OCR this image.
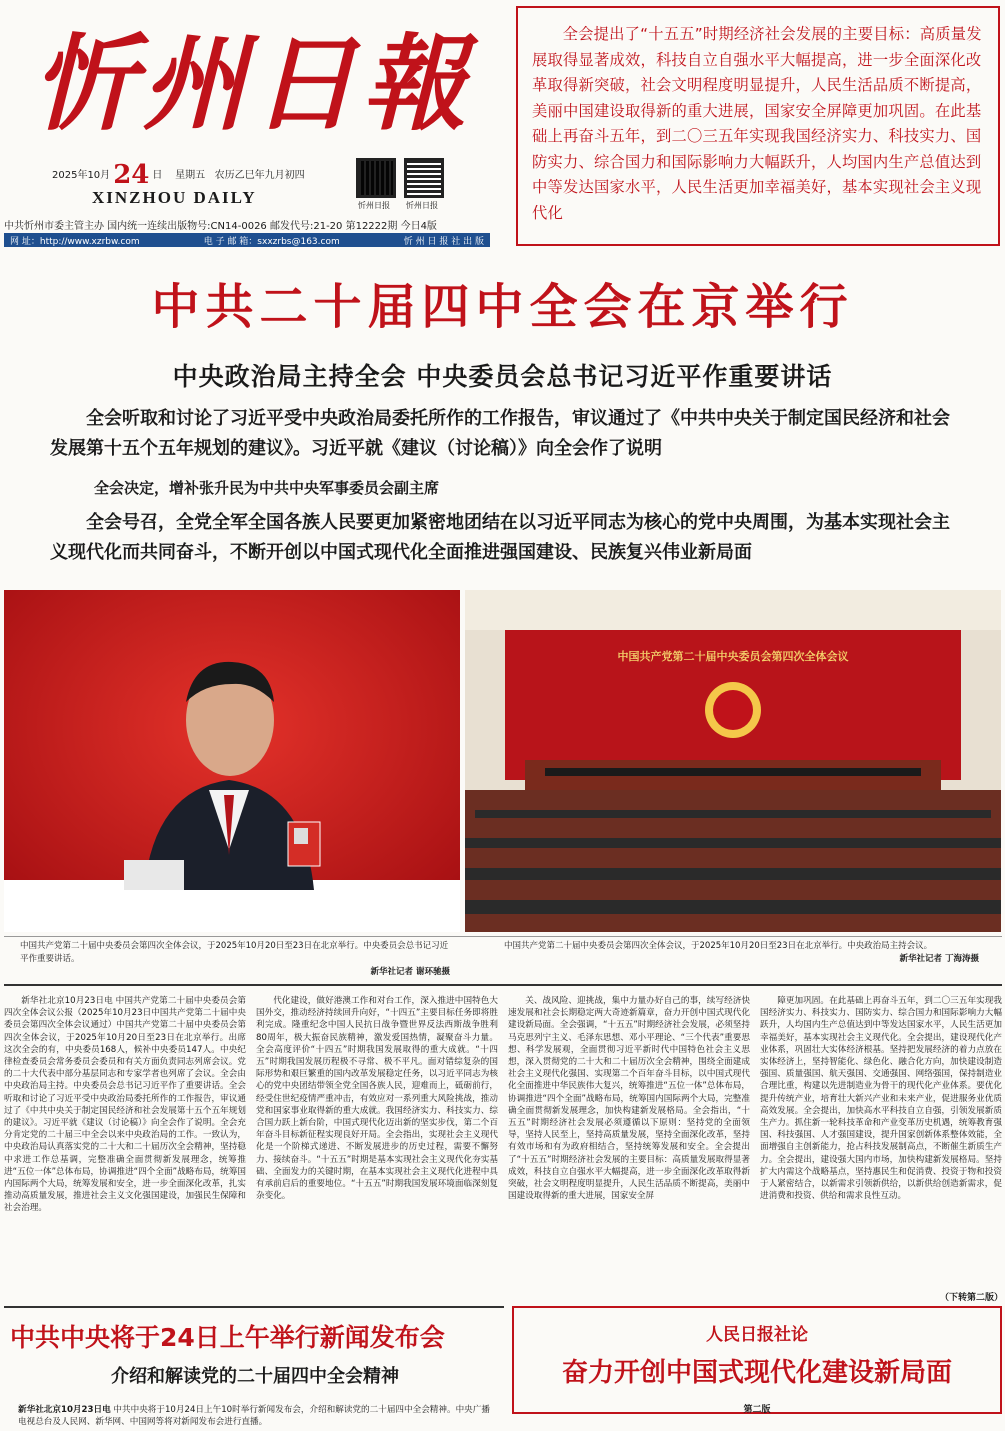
忻州日報
2025年10月 24 日 星期五 农历乙巳年九月初四
XINZHOU DAILY	忻州日报 忻州日报
中共忻州市委主管主办 国内统一连续出版物号:CN14-0026 邮发代号:21-20 第12222期 今日4版
网 址：http://www.xzrbw.com	电 子 邮 箱：sxxzrbs@163.com	忻 州 日 报 社 出 版

全会提出了“十五五”时期经济社会发展的主要目标：高质量发展取得显著成效，科技自立自强水平大幅提高，进一步全面深化改革取得新突破，社会文明程度明显提升，人民生活品质不断提高，美丽中国建设取得新的重大进展，国家安全屏障更加巩固。在此基础上再奋斗五年，到二〇三五年实现我国经济实力、科技实力、国防实力、综合国力和国际影响力大幅跃升，人均国内生产总值达到中等发达国家水平，人民生活更加幸福美好，基本实现社会主义现代化

中共二十届四中全会在京举行
中央政治局主持全会 中央委员会总书记习近平作重要讲话
全会听取和讨论了习近平受中央政治局委托所作的工作报告，审议通过了《中共中央关于制定国民经济和社会发展第十五个五年规划的建议》。习近平就《建议（讨论稿）》向全会作了说明
全会决定，增补张升民为中共中央军事委员会副主席
全会号召，全党全军全国各族人民要更加紧密地团结在以习近平同志为核心的党中央周围，为基本实现社会主义现代化而共同奋斗，不断开创以中国式现代化全面推进强国建设、民族复兴伟业新局面
中国共产党第二十届中央委员会第四次全体会议
中国共产党第二十届中央委员会第四次全体会议，于2025年10月20日至23日在北京举行。中央委员会总书记习近平作重要讲话。
新华社记者 谢环驰摄
中国共产党第二十届中央委员会第四次全体会议，于2025年10月20日至23日在北京举行。中央政治局主持会议。
新华社记者 丁海涛摄

新华社北京10月23日电 中国共产党第二十届中央委员会第四次全体会议公报（2025年10月23日中国共产党第二十届中央委员会第四次全体会议通过）中国共产党第二十届中央委员会第四次全体会议，于2025年10月20日至23日在北京举行。出席这次全会的有，中央委员168人，候补中央委员147人。中央纪律检查委员会常务委员会委员和有关方面负责同志列席会议。党的二十大代表中部分基层同志和专家学者也列席了会议。全会由中央政治局主持。中央委员会总书记习近平作了重要讲话。全会听取和讨论了习近平受中央政治局委托所作的工作报告，审议通过了《中共中央关于制定国民经济和社会发展第十五个五年规划的建议》。习近平就《建议（讨论稿）》向全会作了说明。全会充分肯定党的二十届三中全会以来中央政治局的工作。一致认为，中央政治局认真落实党的二十大和二十届历次全会精神，坚持稳中求进工作总基调，完整准确全面贯彻新发展理念，统筹推进“五位一体”总体布局，协调推进“四个全面”战略布局，统筹国内国际两个大局，统筹发展和安全，进一步全面深化改革，扎实推动高质量发展，推进社会主义文化强国建设，加强民生保障和社会治理。

代化建设，做好港澳工作和对台工作，深入推进中国特色大国外交，推动经济持续回升向好，“十四五”主要目标任务即将胜利完成。隆重纪念中国人民抗日战争暨世界反法西斯战争胜利80周年，极大振奋民族精神，激发爱国热情，凝聚奋斗力量。全会高度评价“十四五”时期我国发展取得的重大成就。“十四五”时期我国发展历程极不寻常、极不平凡。面对错综复杂的国际形势和艰巨繁重的国内改革发展稳定任务，以习近平同志为核心的党中央团结带领全党全国各族人民，迎难而上，砥砺前行，经受住世纪疫情严重冲击，有效应对一系列重大风险挑战，推动党和国家事业取得新的重大成就。我国经济实力、科技实力、综合国力跃上新台阶，中国式现代化迈出新的坚实步伐，第二个百年奋斗目标新征程实现良好开局。全会指出，实现社会主义现代化是一个阶梯式递进、不断发展进步的历史过程，需要不懈努力、接续奋斗。“十五五”时期是基本实现社会主义现代化夯实基础、全面发力的关键时期，在基本实现社会主义现代化进程中具有承前启后的重要地位。“十五五”时期我国发展环境面临深刻复杂变化。

关、战风险、迎挑战，集中力量办好自己的事，续写经济快速发展和社会长期稳定两大奇迹新篇章，奋力开创中国式现代化建设新局面。全会强调，“十五五”时期经济社会发展，必须坚持马克思列宁主义、毛泽东思想、邓小平理论、“三个代表”重要思想、科学发展观，全面贯彻习近平新时代中国特色社会主义思想，深入贯彻党的二十大和二十届历次全会精神，围绕全面建成社会主义现代化强国、实现第二个百年奋斗目标，以中国式现代化全面推进中华民族伟大复兴，统筹推进“五位一体”总体布局，协调推进“四个全面”战略布局，统筹国内国际两个大局，完整准确全面贯彻新发展理念，加快构建新发展格局。全会指出，“十五五”时期经济社会发展必须遵循以下原则：坚持党的全面领导，坚持人民至上，坚持高质量发展，坚持全面深化改革，坚持有效市场和有为政府相结合，坚持统筹发展和安全。全会提出了“十五五”时期经济社会发展的主要目标：高质量发展取得显著成效，科技自立自强水平大幅提高，进一步全面深化改革取得新突破，社会文明程度明显提升，人民生活品质不断提高，美丽中国建设取得新的重大进展，国家安全屏

障更加巩固。在此基础上再奋斗五年，到二〇三五年实现我国经济实力、科技实力、国防实力、综合国力和国际影响力大幅跃升，人均国内生产总值达到中等发达国家水平，人民生活更加幸福美好，基本实现社会主义现代化。全会提出，建设现代化产业体系，巩固壮大实体经济根基。坚持把发展经济的着力点放在实体经济上，坚持智能化、绿色化、融合化方向，加快建设制造强国、质量强国、航天强国、交通强国、网络强国，保持制造业合理比重，构建以先进制造业为骨干的现代化产业体系。要优化提升传统产业，培育壮大新兴产业和未来产业，促进服务业优质高效发展。全会提出，加快高水平科技自立自强，引领发展新质生产力。抓住新一轮科技革命和产业变革历史机遇，统筹教育强国、科技强国、人才强国建设，提升国家创新体系整体效能，全面增强自主创新能力，抢占科技发展制高点，不断催生新质生产力。全会提出，建设强大国内市场，加快构建新发展格局。坚持扩大内需这个战略基点，坚持惠民生和促消费、投资于物和投资于人紧密结合，以新需求引领新供给，以新供给创造新需求，促进消费和投资、供给和需求良性互动。

（下转第二版）
中共中央将于24日上午举行新闻发布会
介绍和解读党的二十届四中全会精神
新华社北京10月23日电 中共中央将于10月24日上午10时举行新闻发布会，介绍和解读党的二十届四中全会精神。中央广播电视总台及人民网、新华网、中国网等将对新闻发布会进行直播。
人民日报社论
奋力开创中国式现代化建设新局面
第二版
